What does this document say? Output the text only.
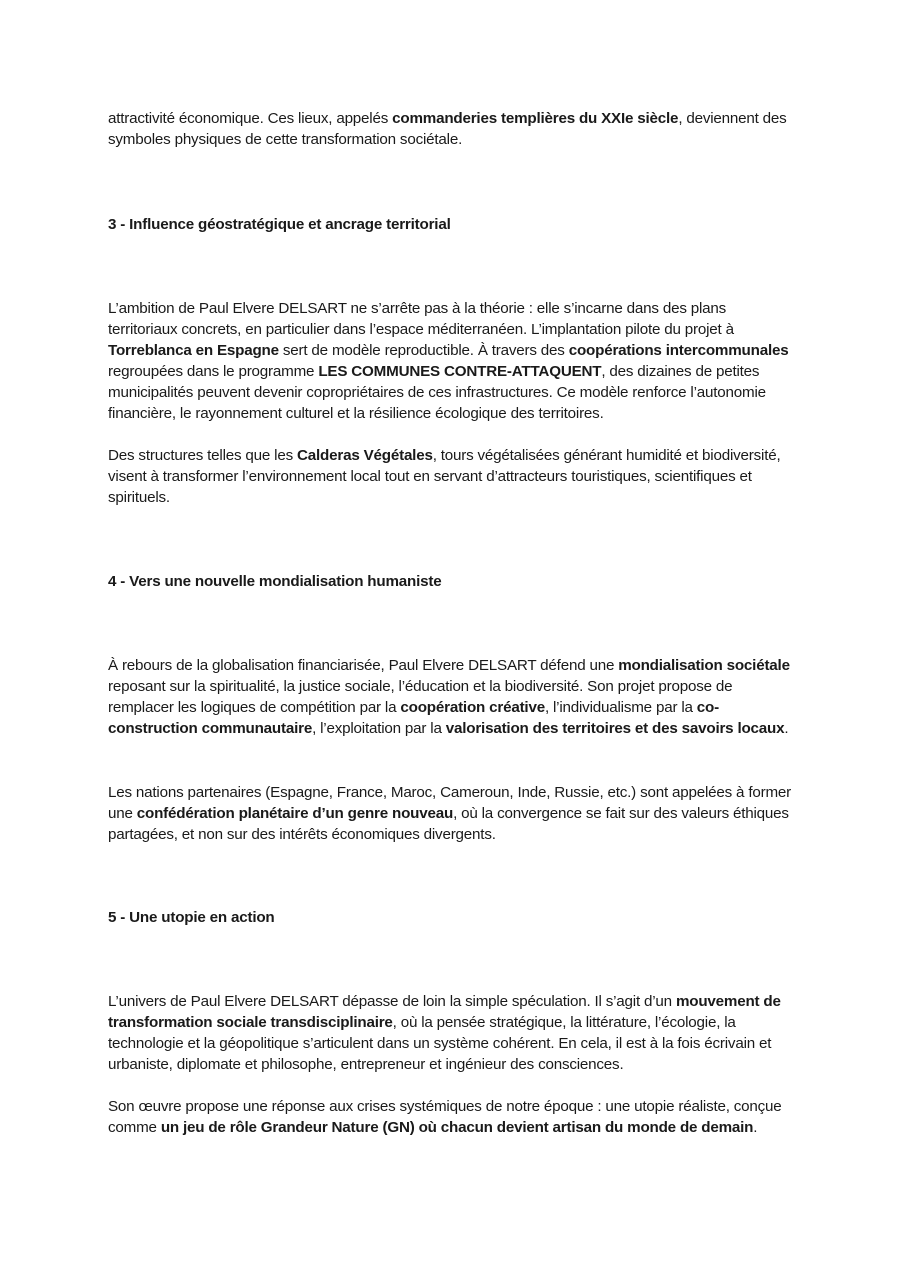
attractivité économique. Ces lieux, appelés commanderies templières du XXIe siècle, deviennent des symboles physiques de cette transformation sociétale.

3 - Influence géostratégique et ancrage territorial

L’ambition de Paul Elvere DELSART ne s’arrête pas à la théorie : elle s’incarne dans des plans territoriaux concrets, en particulier dans l’espace méditerranéen. L’implantation pilote du projet à Torreblanca en Espagne sert de modèle reproductible. À travers des coopérations intercommunales regroupées dans le programme LES COMMUNES CONTRE-ATTAQUENT, des dizaines de petites municipalités peuvent devenir copropriétaires de ces infrastructures. Ce modèle renforce l’autonomie financière, le rayonnement culturel et la résilience écologique des territoires.

Des structures telles que les Calderas Végétales, tours végétalisées générant humidité et biodiversité, visent à transformer l’environnement local tout en servant d’attracteurs touristiques, scientifiques et spirituels.

4 - Vers une nouvelle mondialisation humaniste

À rebours de la globalisation financiarisée, Paul Elvere DELSART défend une mondialisation sociétale reposant sur la spiritualité, la justice sociale, l’éducation et la biodiversité. Son projet propose de remplacer les logiques de compétition par la coopération créative, l’individualisme par la co-construction communautaire, l’exploitation par la valorisation des territoires et des savoirs locaux.

Les nations partenaires (Espagne, France, Maroc, Cameroun, Inde, Russie, etc.) sont appelées à former une confédération planétaire d’un genre nouveau, où la convergence se fait sur des valeurs éthiques partagées, et non sur des intérêts économiques divergents.

5 - Une utopie en action

L’univers de Paul Elvere DELSART dépasse de loin la simple spéculation. Il s’agit d’un mouvement de transformation sociale transdisciplinaire, où la pensée stratégique, la littérature, l’écologie, la technologie et la géopolitique s’articulent dans un système cohérent. En cela, il est à la fois écrivain et urbaniste, diplomate et philosophe, entrepreneur et ingénieur des consciences.

Son œuvre propose une réponse aux crises systémiques de notre époque : une utopie réaliste, conçue comme un jeu de rôle Grandeur Nature (GN) où chacun devient artisan du monde de demain.
